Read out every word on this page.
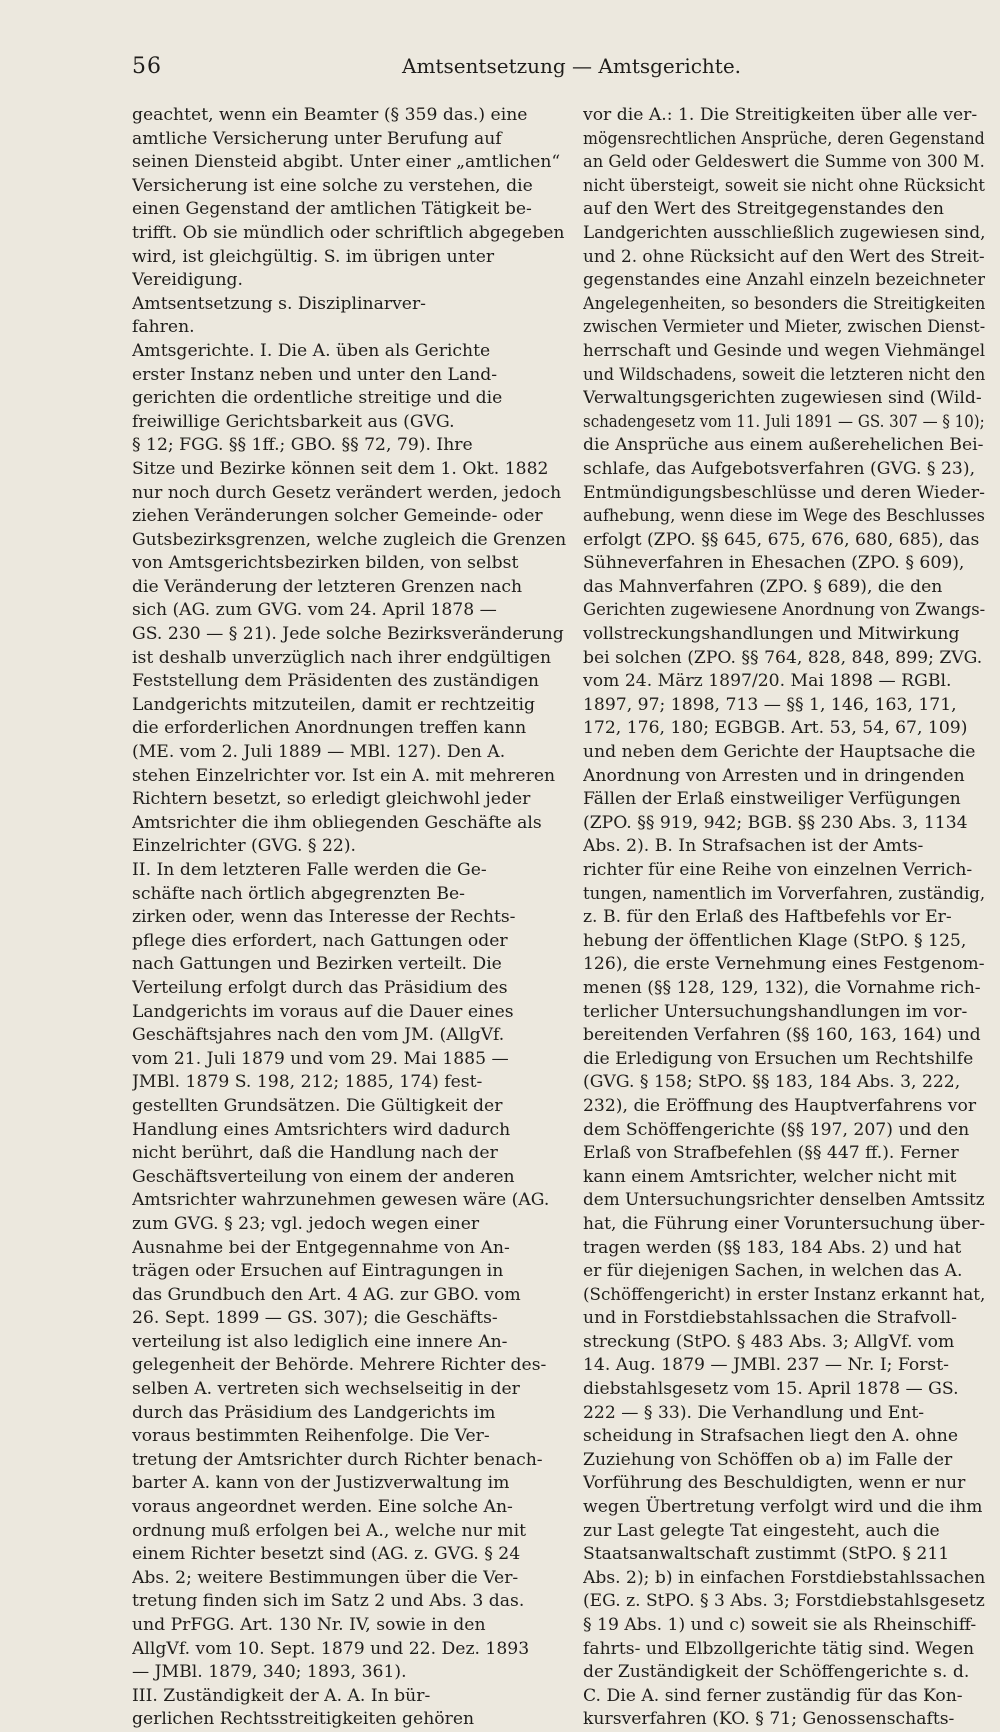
56	Amtsentsetzung — Amtsgerichte.
geachtet, wenn ein Beamter (§ 359 das.) eine
amtliche Versicherung unter Berufung auf
seinen Diensteid abgibt. Unter einer „amtlichen“
Versicherung ist eine solche zu verstehen, die
einen Gegenstand der amtlichen Tätigkeit be-
trifft. Ob sie mündlich oder schriftlich abgegeben
wird, ist gleichgültig. S. im übrigen unter
Vereidigung.
Amtsentsetzung s. Disziplinarver-
fahren.
Amtsgerichte. I. Die A. üben als Gerichte
erster Instanz neben und unter den Land-
gerichten die ordentliche streitige und die
freiwillige Gerichtsbarkeit aus (GVG.
§ 12; FGG. §§ 1ff.; GBO. §§ 72, 79). Ihre
Sitze und Bezirke können seit dem 1. Okt. 1882
nur noch durch Gesetz verändert werden, jedoch
ziehen Veränderungen solcher Gemeinde- oder
Gutsbezirksgrenzen, welche zugleich die Grenzen
von Amtsgerichtsbezirken bilden, von selbst
die Veränderung der letzteren Grenzen nach
sich (AG. zum GVG. vom 24. April 1878 —
GS. 230 — § 21). Jede solche Bezirksveränderung
ist deshalb unverzüglich nach ihrer endgültigen
Feststellung dem Präsidenten des zuständigen
Landgerichts mitzuteilen, damit er rechtzeitig
die erforderlichen Anordnungen treffen kann
(ME. vom 2. Juli 1889 — MBl. 127). Den A.
stehen Einzelrichter vor. Ist ein A. mit mehreren
Richtern besetzt, so erledigt gleichwohl jeder
Amtsrichter die ihm obliegenden Geschäfte als
Einzelrichter (GVG. § 22).
II. In dem letzteren Falle werden die Ge-
schäfte nach örtlich abgegrenzten Be-
zirken oder, wenn das Interesse der Rechts-
pflege dies erfordert, nach Gattungen oder
nach Gattungen und Bezirken verteilt. Die
Verteilung erfolgt durch das Präsidium des
Landgerichts im voraus auf die Dauer eines
Geschäftsjahres nach den vom JM. (AllgVf.
vom 21. Juli 1879 und vom 29. Mai 1885 —
JMBl. 1879 S. 198, 212; 1885, 174) fest-
gestellten Grundsätzen. Die Gültigkeit der
Handlung eines Amtsrichters wird dadurch
nicht berührt, daß die Handlung nach der
Geschäftsverteilung von einem der anderen
Amtsrichter wahrzunehmen gewesen wäre (AG.
zum GVG. § 23; vgl. jedoch wegen einer
Ausnahme bei der Entgegennahme von An-
trägen oder Ersuchen auf Eintragungen in
das Grundbuch den Art. 4 AG. zur GBO. vom
26. Sept. 1899 — GS. 307); die Geschäfts-
verteilung ist also lediglich eine innere An-
gelegenheit der Behörde. Mehrere Richter des-
selben A. vertreten sich wechselseitig in der
durch das Präsidium des Landgerichts im
voraus bestimmten Reihenfolge. Die Ver-
tretung der Amtsrichter durch Richter benach-
barter A. kann von der Justizverwaltung im
voraus angeordnet werden. Eine solche An-
ordnung muß erfolgen bei A., welche nur mit
einem Richter besetzt sind (AG. z. GVG. § 24
Abs. 2; weitere Bestimmungen über die Ver-
tretung finden sich im Satz 2 und Abs. 3 das.
und PrFGG. Art. 130 Nr. IV, sowie in den
AllgVf. vom 10. Sept. 1879 und 22. Dez. 1893
— JMBl. 1879, 340; 1893, 361).
III. Zuständigkeit der A. A. In bür-
gerlichen Rechtsstreitigkeiten gehören
vor die A.: 1. Die Streitigkeiten über alle ver-
mögensrechtlichen Ansprüche, deren Gegenstand
an Geld oder Geldeswert die Summe von 300 M.
nicht übersteigt, soweit sie nicht ohne Rücksicht
auf den Wert des Streitgegenstandes den
Landgerichten ausschließlich zugewiesen sind,
und 2. ohne Rücksicht auf den Wert des Streit-
gegenstandes eine Anzahl einzeln bezeichneter
Angelegenheiten, so besonders die Streitigkeiten
zwischen Vermieter und Mieter, zwischen Dienst-
herrschaft und Gesinde und wegen Viehmängel
und Wildschadens, soweit die letzteren nicht den
Verwaltungsgerichten zugewiesen sind (Wild-
schadengesetz vom 11. Juli 1891 — GS. 307 — § 10);
die Ansprüche aus einem außerehelichen Bei-
schlafe, das Aufgebotsverfahren (GVG. § 23),
Entmündigungsbeschlüsse und deren Wieder-
aufhebung, wenn diese im Wege des Beschlusses
erfolgt (ZPO. §§ 645, 675, 676, 680, 685), das
Sühneverfahren in Ehesachen (ZPO. § 609),
das Mahnverfahren (ZPO. § 689), die den
Gerichten zugewiesene Anordnung von Zwangs-
vollstreckungshandlungen und Mitwirkung
bei solchen (ZPO. §§ 764, 828, 848, 899; ZVG.
vom 24. März 1897/20. Mai 1898 — RGBl.
1897, 97; 1898, 713 — §§ 1, 146, 163, 171,
172, 176, 180; EGBGB. Art. 53, 54, 67, 109)
und neben dem Gerichte der Hauptsache die
Anordnung von Arresten und in dringenden
Fällen der Erlaß einstweiliger Verfügungen
(ZPO. §§ 919, 942; BGB. §§ 230 Abs. 3, 1134
Abs. 2). B. In Strafsachen ist der Amts-
richter für eine Reihe von einzelnen Verrich-
tungen, namentlich im Vorverfahren, zuständig,
z. B. für den Erlaß des Haftbefehls vor Er-
hebung der öffentlichen Klage (StPO. § 125,
126), die erste Vernehmung eines Festgenom-
menen (§§ 128, 129, 132), die Vornahme rich-
terlicher Untersuchungshandlungen im vor-
bereitenden Verfahren (§§ 160, 163, 164) und
die Erledigung von Ersuchen um Rechtshilfe
(GVG. § 158; StPO. §§ 183, 184 Abs. 3, 222,
232), die Eröffnung des Hauptverfahrens vor
dem Schöffengerichte (§§ 197, 207) und den
Erlaß von Strafbefehlen (§§ 447 ff.). Ferner
kann einem Amtsrichter, welcher nicht mit
dem Untersuchungsrichter denselben Amtssitz
hat, die Führung einer Voruntersuchung über-
tragen werden (§§ 183, 184 Abs. 2) und hat
er für diejenigen Sachen, in welchen das A.
(Schöffengericht) in erster Instanz erkannt hat,
und in Forstdiebstahlssachen die Strafvoll-
streckung (StPO. § 483 Abs. 3; AllgVf. vom
14. Aug. 1879 — JMBl. 237 — Nr. I; Forst-
diebstahlsgesetz vom 15. April 1878 — GS.
222 — § 33). Die Verhandlung und Ent-
scheidung in Strafsachen liegt den A. ohne
Zuziehung von Schöffen ob a) im Falle der
Vorführung des Beschuldigten, wenn er nur
wegen Übertretung verfolgt wird und die ihm
zur Last gelegte Tat eingesteht, auch die
Staatsanwaltschaft zustimmt (StPO. § 211
Abs. 2); b) in einfachen Forstdiebstahlssachen
(EG. z. StPO. § 3 Abs. 3; Forstdiebstahlsgesetz
§ 19 Abs. 1) und c) soweit sie als Rheinschiff-
fahrts- und Elbzollgerichte tätig sind. Wegen
der Zuständigkeit der Schöffengerichte s. d.
C. Die A. sind ferner zuständig für das Kon-
kursverfahren (KO. § 71; Genossenschafts-
